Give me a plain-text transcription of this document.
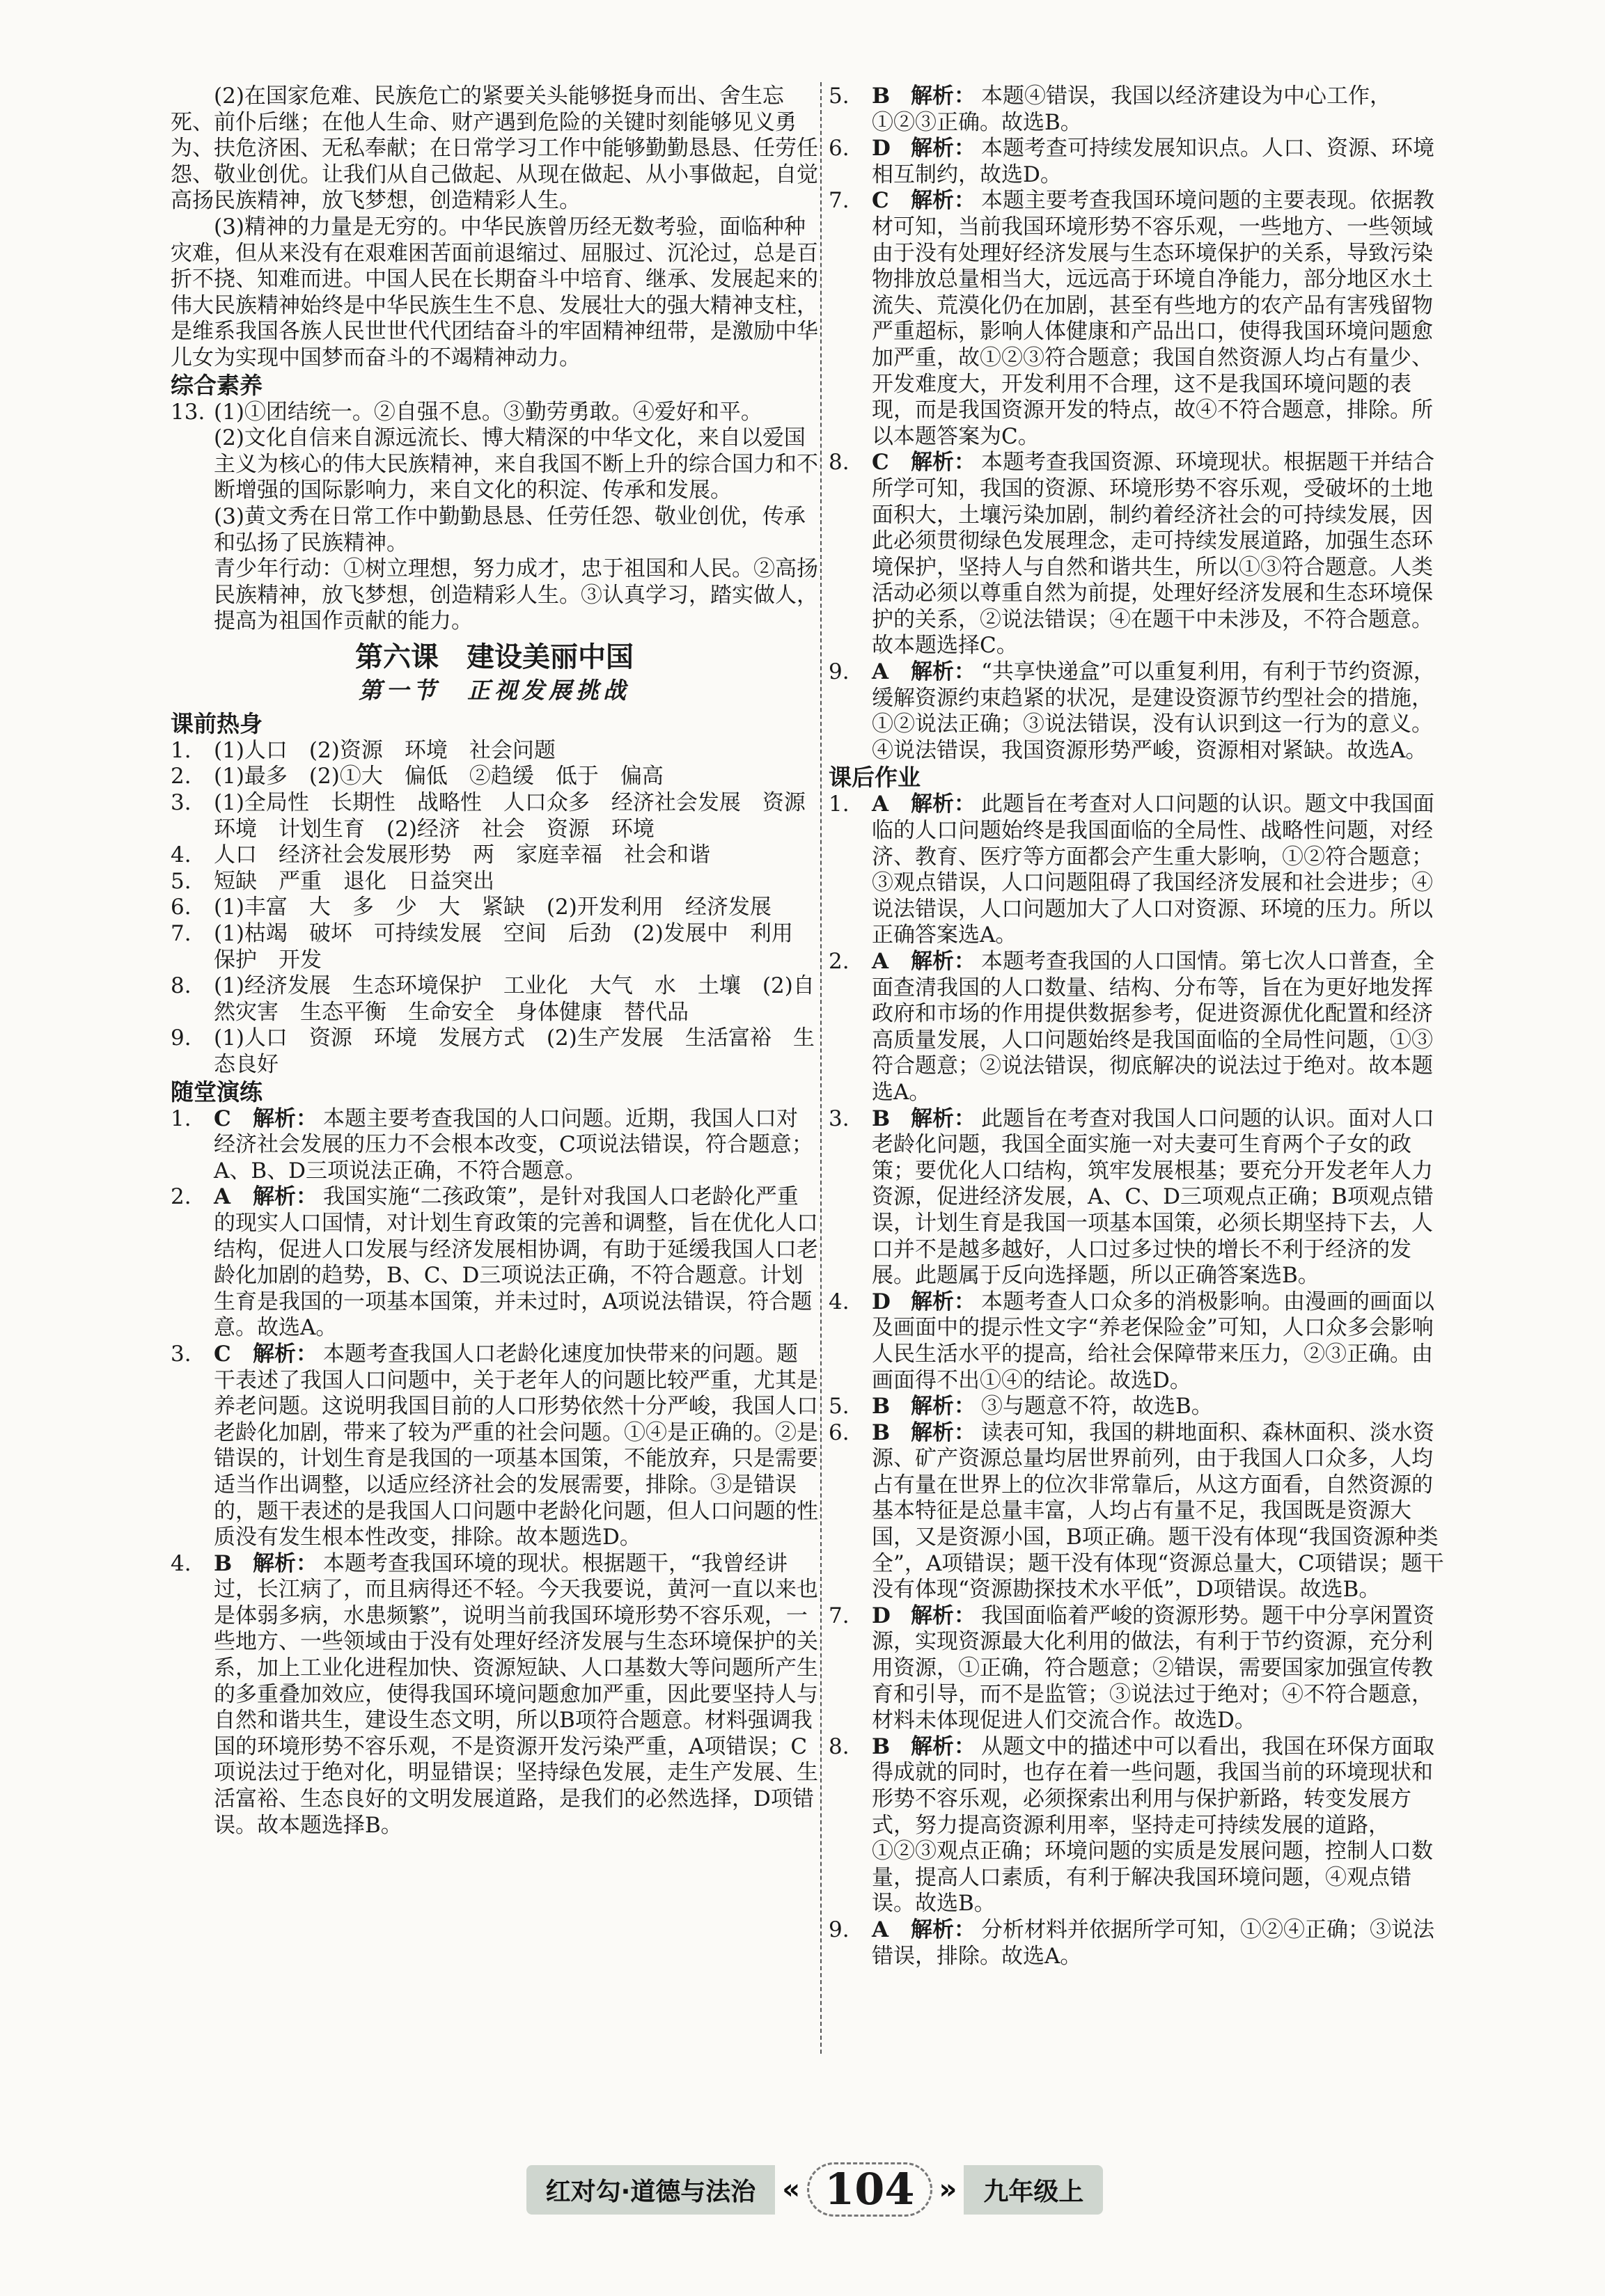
(2)在国家危难、民族危亡的紧要关头能够挺身而出、舍生忘死、前仆后继；在他人生命、财产遇到危险的关键时刻能够见义勇为、扶危济困、无私奉献；在日常学习工作中能够勤勤恳恳、任劳任怨、敬业创优。让我们从自己做起、从现在做起、从小事做起，自觉高扬民族精神，放飞梦想，创造精彩人生。

(3)精神的力量是无穷的。中华民族曾历经无数考验，面临种种灾难，但从来没有在艰难困苦面前退缩过、屈服过、沉沦过，总是百折不挠、知难而进。中国人民在长期奋斗中培育、继承、发展起来的伟大民族精神始终是中华民族生生不息、发展壮大的强大精神支柱，是维系我国各族人民世世代代团结奋斗的牢固精神纽带，是激励中华儿女为实现中国梦而奋斗的不竭精神动力。

综合素养
13. (1)①团结统一。②自强不息。③勤劳勇敢。④爱好和平。

(2)文化自信来自源远流长、博大精深的中华文化，来自以爱国主义为核心的伟大民族精神，来自我国不断上升的综合国力和不断增强的国际影响力，来自文化的积淀、传承和发展。

(3)黄文秀在日常工作中勤勤恳恳、任劳任怨、敬业创优，传承和弘扬了民族精神。

青少年行动：①树立理想，努力成才，忠于祖国和人民。②高扬民族精神，放飞梦想，创造精彩人生。③认真学习，踏实做人，提高为祖国作贡献的能力。

第六课　建设美丽中国
第一节　正视发展挑战
课前热身
1.	(1)人口　(2)资源　环境　社会问题
2.	(1)最多　(2)①大　偏低　②趋缓　低于　偏高
3.	(1)全局性　长期性　战略性　人口众多　经济社会发展　资源环境　计划生育　(2)经济　社会　资源　环境
4.	人口　经济社会发展形势　两　家庭幸福　社会和谐
5.	短缺　严重　退化　日益突出
6.	(1)丰富　大　多　少　大　紧缺　(2)开发利用　经济发展
7.	(1)枯竭　破坏　可持续发展　空间　后劲　(2)发展中　利用　保护　开发
8.	(1)经济发展　生态环境保护　工业化　大气　水　土壤　(2)自然灾害　生态平衡　生命安全　身体健康　替代品
9.	(1)人口　资源　环境　发展方式　(2)生产发展　生活富裕　生态良好
随堂演练
1.	C 解析： 本题主要考查我国的人口问题。近期，我国人口对经济社会发展的压力不会根本改变，C项说法错误，符合题意；A、B、D三项说法正确，不符合题意。
2.	A 解析： 我国实施“二孩政策”，是针对我国人口老龄化严重的现实人口国情，对计划生育政策的完善和调整，旨在优化人口结构，促进人口发展与经济发展相协调，有助于延缓我国人口老龄化加剧的趋势，B、C、D三项说法正确，不符合题意。计划生育是我国的一项基本国策，并未过时，A项说法错误，符合题意。故选A。
3.	C 解析： 本题考查我国人口老龄化速度加快带来的问题。题干表述了我国人口问题中，关于老年人的问题比较严重，尤其是养老问题。这说明我国目前的人口形势依然十分严峻，我国人口老龄化加剧，带来了较为严重的社会问题。①④是正确的。②是错误的，计划生育是我国的一项基本国策，不能放弃，只是需要适当作出调整，以适应经济社会的发展需要，排除。③是错误的，题干表述的是我国人口问题中老龄化问题，但人口问题的性质没有发生根本性改变，排除。故本题选D。
4.	B 解析： 本题考查我国环境的现状。根据题干，“我曾经讲过，长江病了，而且病得还不轻。今天我要说，黄河一直以来也是体弱多病，水患频繁”，说明当前我国环境形势不容乐观，一些地方、一些领域由于没有处理好经济发展与生态环境保护的关系，加上工业化进程加快、资源短缺、人口基数大等问题所产生的多重叠加效应，使得我国环境问题愈加严重，因此要坚持人与自然和谐共生，建设生态文明，所以B项符合题意。材料强调我国的环境形势不容乐观，不是资源开发污染严重，A项错误；C项说法过于绝对化，明显错误；坚持绿色发展，走生产发展、生活富裕、生态良好的文明发展道路，是我们的必然选择，D项错误。故本题选择B。
5.	B 解析： 本题④错误，我国以经济建设为中心工作，①②③正确。故选B。
6.	D 解析： 本题考查可持续发展知识点。人口、资源、环境相互制约，故选D。
7.	C 解析： 本题主要考查我国环境问题的主要表现。依据教材可知，当前我国环境形势不容乐观，一些地方、一些领域由于没有处理好经济发展与生态环境保护的关系，导致污染物排放总量相当大，远远高于环境自净能力，部分地区水土流失、荒漠化仍在加剧，甚至有些地方的农产品有害残留物严重超标，影响人体健康和产品出口，使得我国环境问题愈加严重，故①②③符合题意；我国自然资源人均占有量少、开发难度大，开发利用不合理，这不是我国环境问题的表现，而是我国资源开发的特点，故④不符合题意，排除。所以本题答案为C。
8.	C 解析： 本题考查我国资源、环境现状。根据题干并结合所学可知，我国的资源、环境形势不容乐观，受破坏的土地面积大，土壤污染加剧，制约着经济社会的可持续发展，因此必须贯彻绿色发展理念，走可持续发展道路，加强生态环境保护，坚持人与自然和谐共生，所以①③符合题意。人类活动必须以尊重自然为前提，处理好经济发展和生态环境保护的关系，②说法错误；④在题干中未涉及，不符合题意。故本题选择C。
9.	A 解析： “共享快递盒”可以重复利用，有利于节约资源，缓解资源约束趋紧的状况，是建设资源节约型社会的措施，①②说法正确；③说法错误，没有认识到这一行为的意义。④说法错误，我国资源形势严峻，资源相对紧缺。故选A。
课后作业
1.	A 解析： 此题旨在考查对人口问题的认识。题文中我国面临的人口问题始终是我国面临的全局性、战略性问题，对经济、教育、医疗等方面都会产生重大影响，①②符合题意；③观点错误，人口问题阻碍了我国经济发展和社会进步；④说法错误，人口问题加大了人口对资源、环境的压力。所以正确答案选A。
2.	A 解析： 本题考查我国的人口国情。第七次人口普查，全面查清我国的人口数量、结构、分布等，旨在为更好地发挥政府和市场的作用提供数据参考，促进资源优化配置和经济高质量发展，人口问题始终是我国面临的全局性问题，①③符合题意；②说法错误，彻底解决的说法过于绝对。故本题选A。
3.	B 解析： 此题旨在考查对我国人口问题的认识。面对人口老龄化问题，我国全面实施一对夫妻可生育两个子女的政策；要优化人口结构，筑牢发展根基；要充分开发老年人力资源，促进经济发展，A、C、D三项观点正确；B项观点错误，计划生育是我国一项基本国策，必须长期坚持下去，人口并不是越多越好，人口过多过快的增长不利于经济的发展。此题属于反向选择题，所以正确答案选B。
4.	D 解析： 本题考查人口众多的消极影响。由漫画的画面以及画面中的提示性文字“养老保险金”可知，人口众多会影响人民生活水平的提高，给社会保障带来压力，②③正确。由画面得不出①④的结论。故选D。
5.	B 解析： ③与题意不符，故选B。
6.	B 解析： 读表可知，我国的耕地面积、森林面积、淡水资源、矿产资源总量均居世界前列，由于我国人口众多，人均占有量在世界上的位次非常靠后，从这方面看，自然资源的基本特征是总量丰富，人均占有量不足，我国既是资源大国，又是资源小国，B项正确。题干没有体现“我国资源种类全”，A项错误；题干没有体现“资源总量大，C项错误；题干没有体现“资源勘探技术水平低”，D项错误。故选B。
7.	D 解析： 我国面临着严峻的资源形势。题干中分享闲置资源，实现资源最大化利用的做法，有利于节约资源，充分利用资源，①正确，符合题意；②错误，需要国家加强宣传教育和引导，而不是监管；③说法过于绝对；④不符合题意，材料未体现促进人们交流合作。故选D。
8.	B 解析： 从题文中的描述中可以看出，我国在环保方面取得成就的同时，也存在着一些问题，我国当前的环境现状和形势不容乐观，必须探索出利用与保护新路，转变发展方式，努力提高资源利用率，坚持走可持续发展的道路，①②③观点正确；环境问题的实质是发展问题，控制人口数量，提高人口素质，有利于解决我国环境问题，④观点错误。故选B。
9.	A 解析： 分析材料并依据所学可知，①②④正确；③说法错误，排除。故选A。
红对勾·道德与法治 « 104 »	九年级上
